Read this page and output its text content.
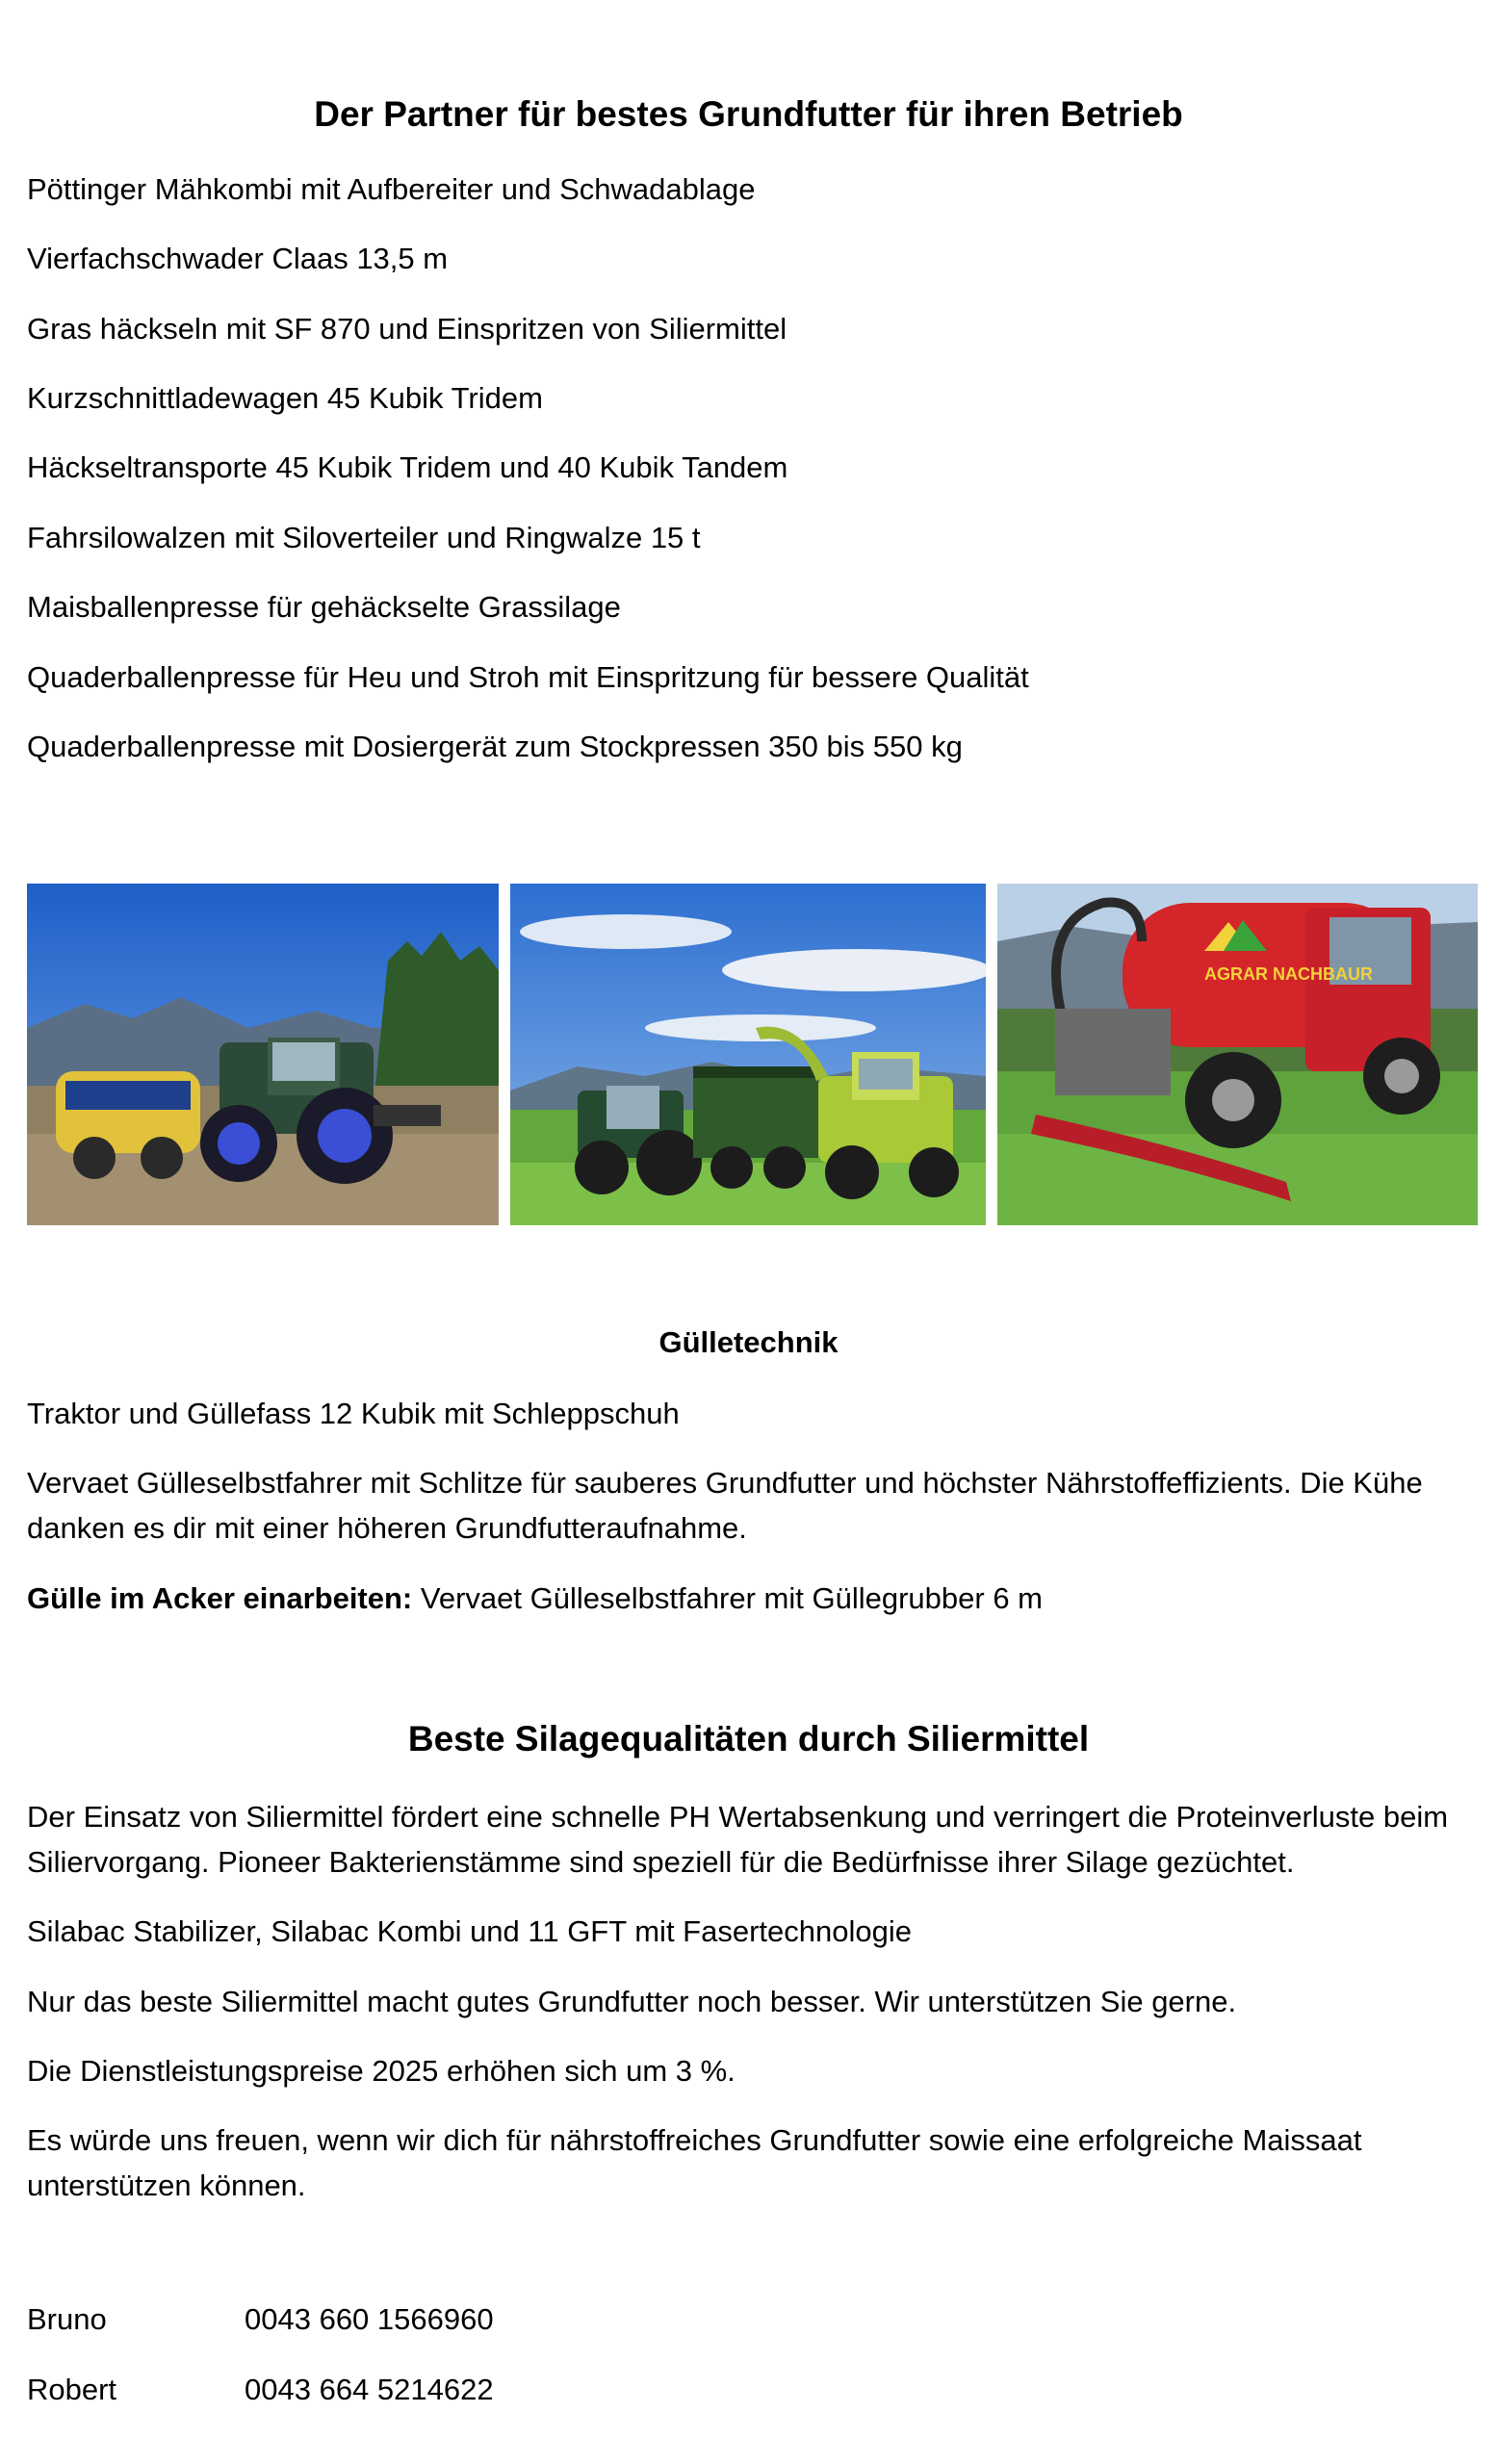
Der Partner für bestes Grundfutter für ihren Betrieb

Pöttinger Mähkombi mit Aufbereiter und Schwadablage

Vierfachschwader Claas 13,5 m

Gras häckseln mit SF 870 und Einspritzen von Siliermittel

Kurzschnittladewagen 45 Kubik Tridem

Häckseltransporte 45 Kubik Tridem und 40 Kubik Tandem

Fahrsilowalzen mit Siloverteiler und Ringwalze 15 t

Maisballenpresse für gehäckselte Grassilage

Quaderballenpresse für Heu und Stroh mit Einspritzung für bessere Qualität

Quaderballenpresse mit Dosiergerät zum Stockpressen 350 bis 550 kg

AGRAR NACHBAUR
Gülletechnik

Traktor und Güllefass 12 Kubik mit Schleppschuh

Vervaet Gülleselbstfahrer mit Schlitze für sauberes Grundfutter und höchster Nährstoffeffizients. Die Kühe danken es dir mit einer höheren Grundfutteraufnahme.

Gülle im Acker einarbeiten: Vervaet Gülleselbstfahrer mit Güllegrubber 6 m

Beste Silagequalitäten durch Siliermittel

Der Einsatz von Siliermittel fördert eine schnelle PH Wertabsenkung und verringert die Proteinverluste beim Siliervorgang. Pioneer Bakterienstämme sind speziell für die Bedürfnisse ihrer Silage gezüchtet.

Silabac Stabilizer, Silabac Kombi und 11 GFT mit Fasertechnologie

Nur das beste Siliermittel macht gutes Grundfutter noch besser. Wir unterstützen Sie gerne.

Die Dienstleistungspreise 2025 erhöhen sich um 3 %.

Es würde uns freuen, wenn wir dich für nährstoffreiches Grundfutter sowie eine erfolgreiche Maissaat unterstützen können.

Bruno	0043 660 1566960
Robert	0043 664 5214622
